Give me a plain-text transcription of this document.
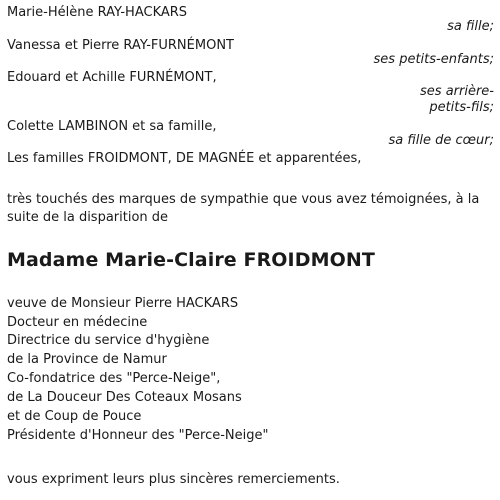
Marie-Hélène RAY-HACKARS
sa fille;
Vanessa et Pierre RAY-FURNÉMONT
ses petits-enfants;
Edouard et Achille FURNÉMONT,
ses arrière-
petits-fils;
Colette LAMBINON et sa famille,
sa fille de cœur;
Les familles FROIDMONT, DE MAGNÉE et apparentées,
très touchés des marques de sympathie que vous avez témoignées, à la
suite de la disparition de
Madame Marie-Claire FROIDMONT
veuve de Monsieur Pierre HACKARS
Docteur en médecine
Directrice du service d'hygiène
de la Province de Namur
Co-fondatrice des "Perce-Neige",
de La Douceur Des Coteaux Mosans
et de Coup de Pouce
Présidente d'Honneur des "Perce-Neige"
vous expriment leurs plus sincères remerciements.
